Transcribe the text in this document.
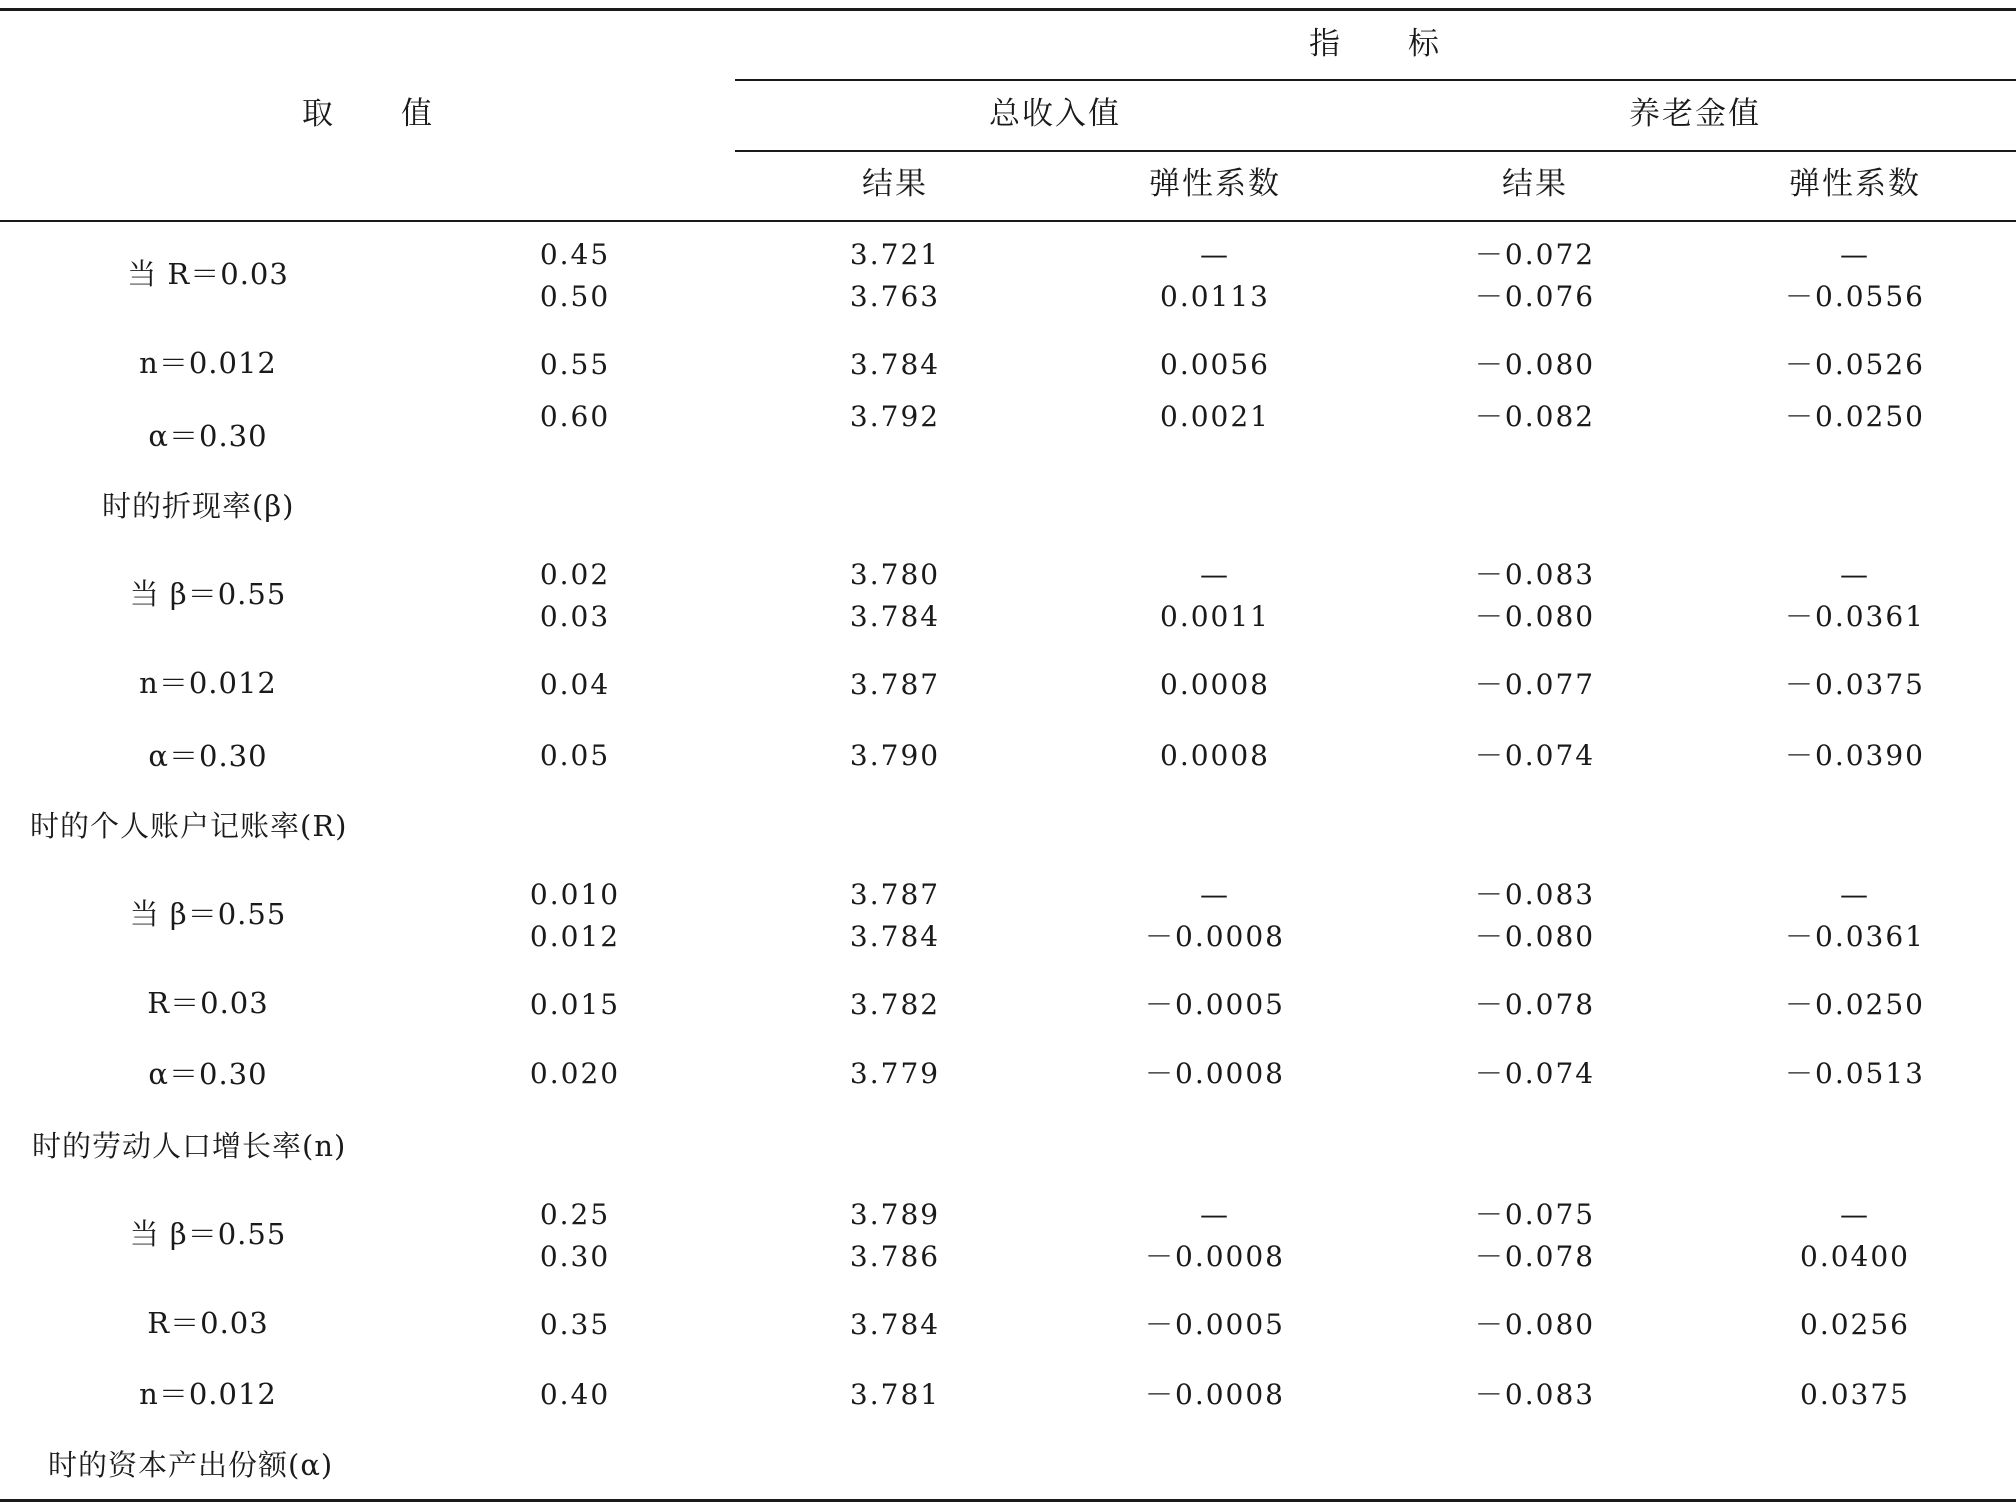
取　　值
指　　标
总收入值	养老金值
结果	弹性系数	结果	弹性系数
当 R＝0.03
n＝0.012
α＝0.30
时的折现率(β)
0.45	3.721	—	－0.072	—
0.50	3.763	0.0113	－0.076	－0.0556
0.55	3.784	0.0056	－0.080	－0.0526
0.60	3.792	0.0021	－0.082	－0.0250
当 β＝0.55
n＝0.012
α＝0.30
时的个人账户记账率(R)
0.02	3.780	—	－0.083	—
0.03	3.784	0.0011	－0.080	－0.0361
0.04	3.787	0.0008	－0.077	－0.0375
0.05	3.790	0.0008	－0.074	－0.0390
当 β＝0.55
R＝0.03
α＝0.30
时的劳动人口增长率(n)
0.010	3.787	—	－0.083	—
0.012	3.784	－0.0008	－0.080	－0.0361
0.015	3.782	－0.0005	－0.078	－0.0250
0.020	3.779	－0.0008	－0.074	－0.0513
当 β＝0.55
R＝0.03
n＝0.012
时的资本产出份额(α)
0.25	3.789	—	－0.075	—
0.30	3.786	－0.0008	－0.078	0.0400
0.35	3.784	－0.0005	－0.080	0.0256
0.40	3.781	－0.0008	－0.083	0.0375
